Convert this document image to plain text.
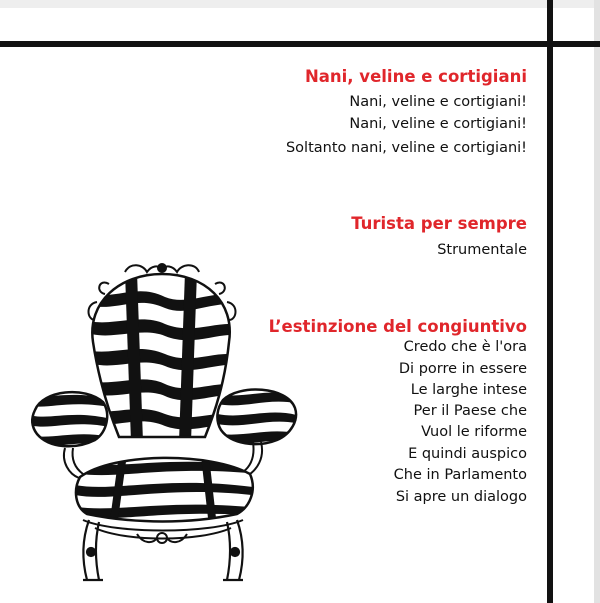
Nani, veline e cortigiani

Nani, veline e cortigiani!

Nani, veline e cortigiani!

Soltanto nani, veline e cortigiani!

Turista per sempre

Strumentale

L’estinzione del congiuntivo

Credo che è l'ora

Di porre in essere

Le larghe intese

Per il Paese che

Vuol le riforme

E quindi auspico

Che in Parlamento

Si apre un dialogo
